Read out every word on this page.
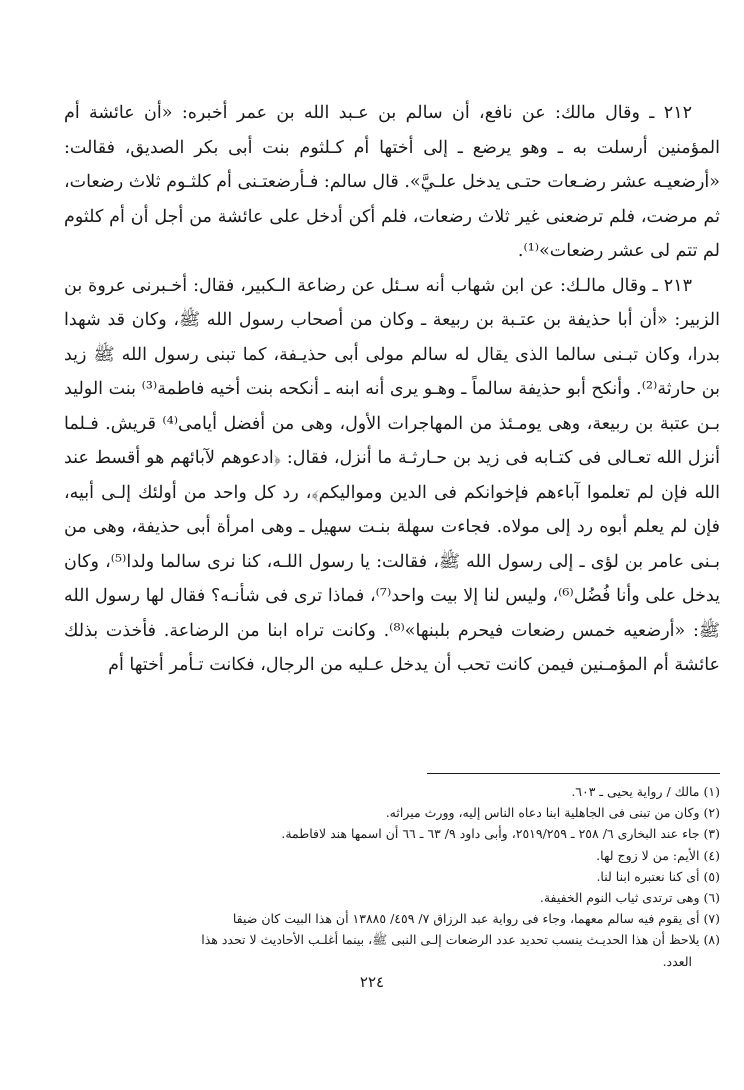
٢١٢ ـ وقال مالك: عن نافع، أن سالم بن عـبد الله بن عمر أخبره: «أن عائشة أم المؤمنين أرسلت به ـ وهو يرضع ـ إلى أختها أم كـلثوم بنت أبى بكر الصديق، فقالت: «أرضعيـه عشر رضـعات حتـى يدخل علـيَّ». قال سالم: فـأرضعتـنى أم كلثـوم ثلاث رضعات، ثم مرضت، فلم ترضعنى غير ثلاث رضعات، فلم أكن أدخل على عائشة من أجل أن أم كلثوم لم تتم لى عشر رضعات»⁽¹⁾.

٢١٣ ـ وقال مالـك: عن ابن شهاب أنه سـئل عن رضاعة الـكبير، فقال: أخـبرنى عروة بن الزبير: «أن أبا حذيفة بن عتـبة بن ربيعة ـ وكان من أصحاب رسول الله ﷺ، وكان قد شهدا بدرا، وكان تبـنى سالما الذى يقال له سالم مولى أبى حذيـفة، كما تبنى رسول الله ﷺ زيد بن حارثة⁽²⁾. وأنكح أبو حذيفة سالماً ـ وهـو يرى أنه ابنه ـ أنكحه بنت أخيه فاطمة⁽³⁾ بنت الوليد بـن عتبة بن ربيعة، وهى يومـئذ من المهاجرات الأول، وهى من أفضل أيامى⁽⁴⁾ قريش. فـلما أنزل الله تعـالى فى كتـابه فى زيد بن حـارثـة ما أنزل، فقال: ﴿ادعوهم لآبائهم هو أقسط عند الله فإن لم تعلموا آباءهم فإخوانكم فى الدين ومواليكم﴾، رد كل واحد من أولئك إلـى أبيه، فإن لم يعلم أبوه رد إلى مولاه. فجاءت سهلة بنـت سهيل ـ وهى امرأة أبى حذيفة، وهى من بـنى عامر بن لؤى ـ إلى رسول الله ﷺ، فقالت: يا رسول اللـه، كنا نرى سالما ولدا⁽⁵⁾، وكان يدخل على وأنا فُضُل⁽⁶⁾، وليس لنا إلا بيت واحد⁽⁷⁾، فماذا ترى فى شأنـه؟ فقال لها رسول الله ﷺ: «أرضعيه خمس رضعات فيحرم بلبنها»⁽⁸⁾. وكانت تراه ابنا من الرضاعة. فأخذت بذلك عائشة أم المؤمـنين فيمن كانت تحب أن يدخل عـليه من الرجال، فكانت تـأمر أختها أم

(١) مالك / رواية يحيى ـ ٦٠٣.
(٢) وكان من تبنى فى الجاهلية ابنا دعاه الناس إليه، وورث ميراثه.
(٣) جاء عند البخارى ٦/ ٢٥٨ ـ ٢٥١٩/٢٥٩، وأبى داود ٩/ ٦٣ ـ ٦٦ أن اسمها هند لافاطمة.
(٤) الأيم: من لا زوج لها.
(٥) أى كنا نعتبره ابنا لنا.
(٦) وهى ترتدى ثياب النوم الخفيفة.
(٧) أى يقوم فيه سالم معهما، وجاء فى رواية عبد الرزاق ٧/ ٤٥٩/ ١٣٨٨٥ أن هذا البيت كان ضيقا
(٨) يلاحظ أن هذا الحديـث ينسب تحديد عدد الرضعات إلـى النبى ﷺ، بينما أغلـب الأحاديث لا تحدد هذا
العدد.
٢٢٤
